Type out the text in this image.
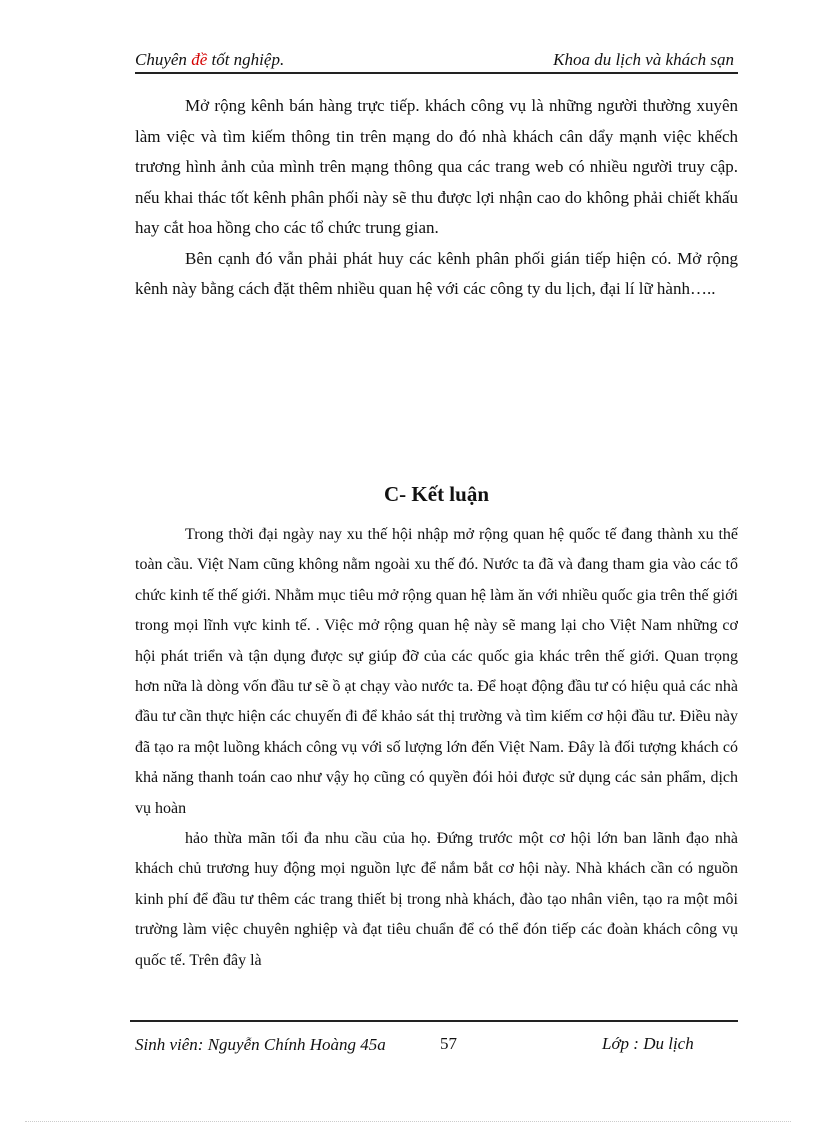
Chuyên đề tốt nghiệp.	Khoa du lịch và khách sạn

Mở rộng kênh bán hàng trực tiếp. khách công vụ là những người thường xuyên làm việc và tìm kiếm thông tin trên mạng do đó nhà khách cân dẩy mạnh việc khếch trương hình ảnh của mình trên mạng thông qua các trang web có nhiều người truy cập. nếu khai thác tốt kênh phân phối này sẽ thu được lợi nhận cao do không phải chiết khấu hay cắt hoa hồng cho các tổ chức trung gian.

Bên cạnh đó vẫn phải phát huy các kênh phân phối gián tiếp hiện có. Mở rộng kênh này bằng cách đặt thêm nhiều quan hệ với các công ty du lịch, đại lí lữ hành…..

C- Kết luận

Trong thời đại ngày nay xu thế hội nhập mở rộng quan hệ quốc tế đang thành xu thế toàn cầu. Việt Nam cũng không nằm ngoài xu thế đó. Nước ta đã và đang tham gia vào các tổ chức kinh tế thế giới. Nhằm mục tiêu mở rộng quan hệ làm ăn với nhiều quốc gia trên thế giới trong mọi lĩnh vực kinh tế. . Việc mở rộng quan hệ này sẽ mang lại cho Việt Nam những cơ hội phát triển và tận dụng được sự giúp đỡ của các quốc gia khác trên thế giới. Quan trọng hơn nữa là dòng vốn đầu tư sẽ ồ ạt chạy vào nước ta. Để hoạt động đầu tư có hiệu quả các nhà đầu tư cần thực hiện các chuyến đi để khảo sát thị trường và tìm kiếm cơ hội đầu tư. Điều này đã tạo ra một luồng khách công vụ với số lượng lớn đến Việt Nam. Đây là đối tượng khách có khả năng thanh toán cao như vậy họ cũng có quyền đói hỏi được sử dụng các sản phẩm, dịch vụ hoàn

hảo thừa mãn tối đa nhu cầu của họ. Đứng trước một cơ hội lớn ban lãnh đạo nhà khách chủ trương huy động mọi nguồn lực để nắm bắt cơ hội này. Nhà khách cần có nguồn kinh phí để đầu tư thêm các trang thiết bị trong nhà khách, đào tạo nhân viên, tạo ra một môi trường làm việc chuyên nghiệp và đạt tiêu chuẩn để có thể đón tiếp các đoàn khách công vụ quốc tế. Trên đây là

Sinh viên: Nguyễn Chính Hoàng 45a	57	Lớp : Du lịch
